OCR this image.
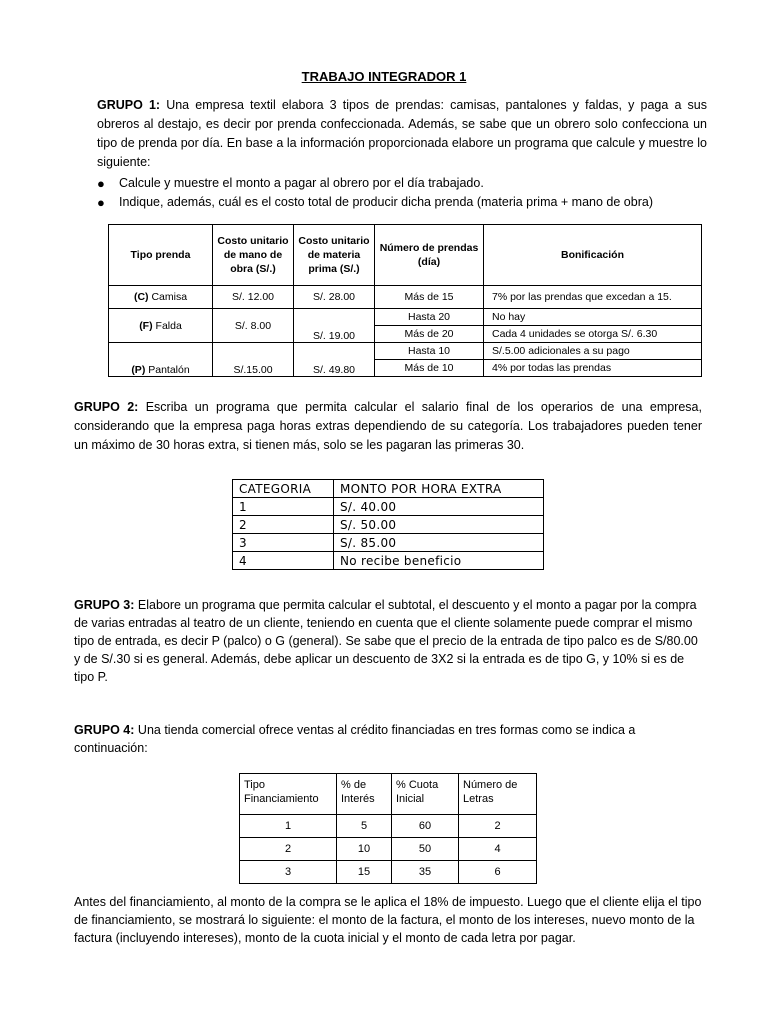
TRABAJO INTEGRADOR 1
GRUPO 1: Una empresa textil elabora 3 tipos de prendas: camisas, pantalones y faldas, y paga a sus obreros al destajo, es decir por prenda confeccionada. Además, se sabe que un obrero solo confecciona un tipo de prenda por día. En base a la información proporcionada elabore un programa que calcule y muestre lo siguiente:
●	Calcule y muestre el monto a pagar al obrero por el día trabajado.
●	Indique, además, cuál es el costo total de producir dicha prenda (materia prima + mano de obra)
Tipo prenda	Costo unitario de mano de obra (S/.)	Costo unitario de materia prima (S/.)	Número de prendas (día)	Bonificación
(C) Camisa	S/. 12.00	S/. 28.00	Más de 15	7% por las prendas que excedan a 15.
(F) Falda	S/. 8.00	S/. 19.00	Hasta 20	No hay
			Más de 20	Cada 4 unidades se otorga S/. 6.30
(P) Pantalón	S/.15.00	S/. 49.80	Hasta 10	S/.5.00 adicionales a su pago
			Más de 10	4% por todas las prendas
GRUPO 2: Escriba un programa que permita calcular el salario final de los operarios de una empresa, considerando que la empresa paga horas extras dependiendo de su categoría. Los trabajadores pueden tener un máximo de 30 horas extra, si tienen más, solo se les pagaran las primeras 30.
CATEGORIA	MONTO POR HORA EXTRA
1	S/. 40.00
2	S/. 50.00
3	S/. 85.00
4	No recibe beneficio
GRUPO 3: Elabore un programa que permita calcular el subtotal, el descuento y el monto a pagar por la compra de varias entradas al teatro de un cliente, teniendo en cuenta que el cliente solamente puede comprar el mismo tipo de entrada, es decir P (palco) o G (general). Se sabe que el precio de la entrada de tipo palco es de S/80.00 y de S/.30 si es general. Además, debe aplicar un descuento de 3X2 si la entrada es de tipo G, y 10% si es de tipo P.
GRUPO 4: Una tienda comercial ofrece ventas al crédito financiadas en tres formas como se indica a continuación:
Tipo Financiamiento	% de Interés	% Cuota Inicial	Número de Letras
1	5	60	2
2	10	50	4
3	15	35	6
Antes del financiamiento, al monto de la compra se le aplica el 18% de impuesto. Luego que el cliente elija el tipo de financiamiento, se mostrará lo siguiente: el monto de la factura, el monto de los intereses, nuevo monto de la factura (incluyendo intereses), monto de la cuota inicial y el monto de cada letra por pagar.
